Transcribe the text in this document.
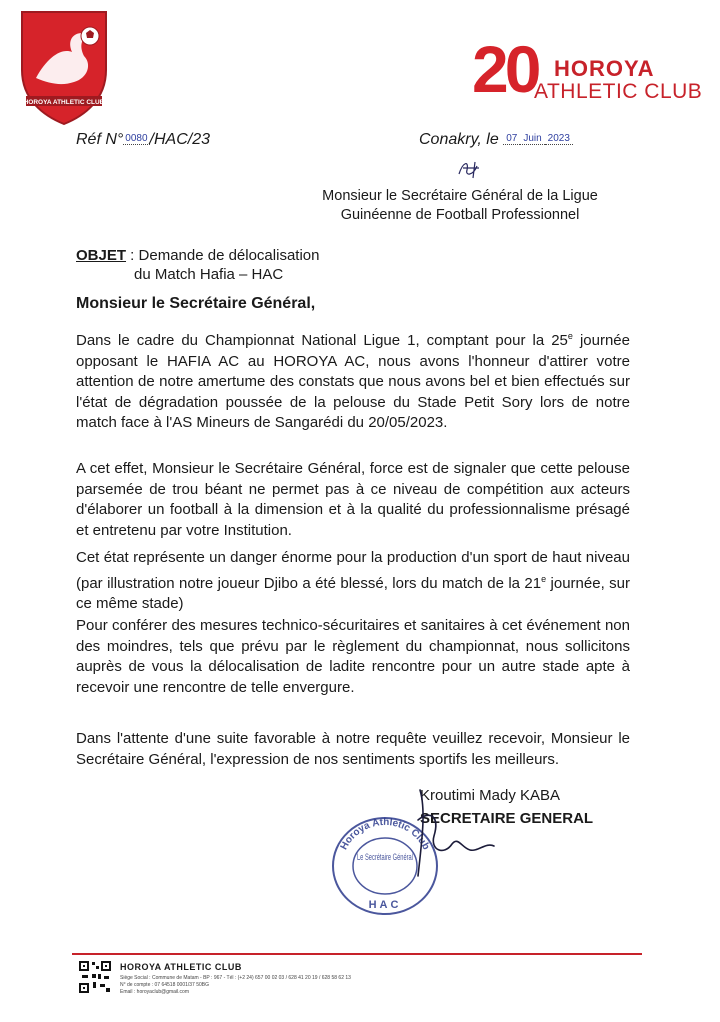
HOROYA ATHLETIC CLUB	20 HOROYA
ATHLETIC CLUB
Réf N° 0080 /HAC/23	Conakry, le 07 Juin 2023
Monsieur le Secrétaire Général de la Ligue
Guinéenne de Football Professionnel
OBJET : Demande de délocalisation
du Match Hafia – HAC
Monsieur le Secrétaire Général,
Dans le cadre du Championnat National Ligue 1, comptant pour la 25e journée opposant le HAFIA AC au HOROYA AC, nous avons l'honneur d'attirer votre attention de notre amertume des constats que nous avons bel et bien effectués sur l'état de dégradation poussée de la pelouse du Stade Petit Sory lors de notre match face à l'AS Mineurs de Sangarédi du 20/05/2023.
A cet effet, Monsieur le Secrétaire Général, force est de signaler que cette pelouse parsemée de trou béant ne permet pas à ce niveau de compétition aux acteurs d'élaborer un football à la dimension et à la qualité du professionnalisme présagé et entretenu par votre Institution.
Cet état représente un danger énorme pour la production d'un sport de haut niveau (par illustration notre joueur Djibo a été blessé, lors du match de la 21e journée, sur ce même stade)
Pour conférer des mesures technico-sécuritaires et sanitaires à cet événement non des moindres, tels que prévu par le règlement du championnat, nous sollicitons auprès de vous la délocalisation de ladite rencontre pour un autre stade apte à recevoir une rencontre de telle envergure.
Dans l'attente d'une suite favorable à notre requête veuillez recevoir, Monsieur le Secrétaire Général, l'expression de nos sentiments sportifs les meilleurs.
Kroutimi Mady KABA
SECRETAIRE GENERAL
Horoya Athletic Club
Le Secrétaire Général
HAC
HOROYA ATHLETIC CLUB
Siège Social : Commune de Matam - BP : 967 - Tél : (+2 24) 657 00 02 03 / 628 41 20 19 / 628 58 62 13
N° de compte : 07 64518 0001/37 50BG
Email : horoyaclub@gmail.com
